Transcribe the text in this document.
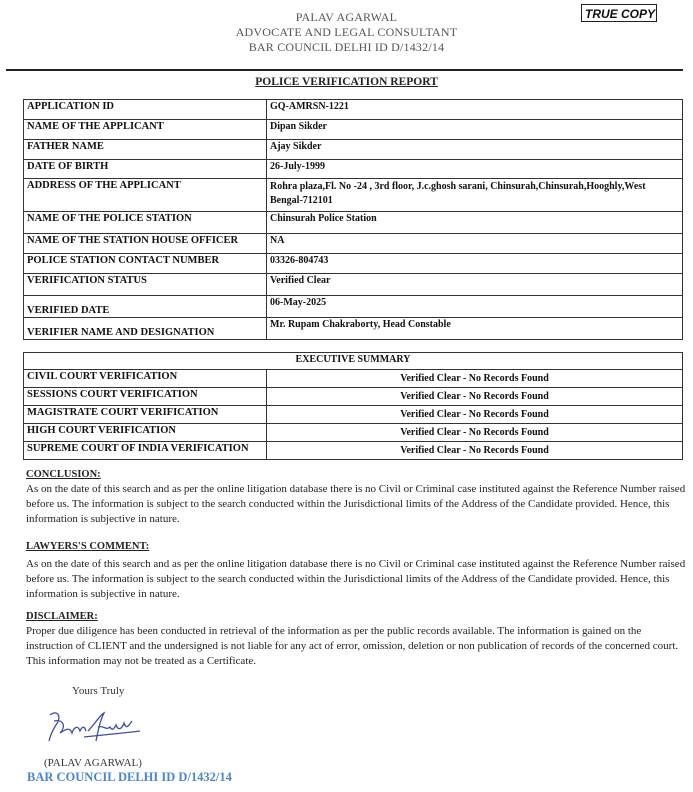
PALAV AGARWAL
ADVOCATE AND LEGAL CONSULTANT
BAR COUNCIL DELHI ID D/1432/14
TRUE COPY
POLICE VERIFICATION REPORT
APPLICATION ID	GQ-AMRSN-1221
NAME OF THE APPLICANT	Dipan Sikder
FATHER NAME	Ajay Sikder
DATE OF BIRTH	26-July-1999
ADDRESS OF THE APPLICANT	Rohra plaza,Fl. No -24 , 3rd floor, J.c.ghosh sarani, Chinsurah,Chinsurah,Hooghly,West Bengal-712101
NAME OF THE POLICE STATION	Chinsurah Police Station
NAME OF THE STATION HOUSE OFFICER	NA
POLICE STATION CONTACT NUMBER	03326-804743
VERIFICATION STATUS	Verified Clear
VERIFIED DATE	06-May-2025
VERIFIER NAME AND DESIGNATION	Mr. Rupam Chakraborty, Head Constable
EXECUTIVE SUMMARY	
CIVIL COURT VERIFICATION	Verified Clear - No Records Found
SESSIONS COURT VERIFICATION	Verified Clear - No Records Found
MAGISTRATE COURT VERIFICATION	Verified Clear - No Records Found
HIGH COURT VERIFICATION	Verified Clear - No Records Found
SUPREME COURT OF INDIA VERIFICATION	Verified Clear - No Records Found
CONCLUSION:
As on the date of this search and as per the online litigation database there is no Civil or Criminal case instituted against the Reference Number raised before us. The information is subject to the search conducted within the Jurisdictional limits of the Address of the Candidate provided. Hence, this information is subjective in nature.
LAWYERS'S COMMENT:
As on the date of this search and as per the online litigation database there is no Civil or Criminal case instituted against the Reference Number raised before us. The information is subject to the search conducted within the Jurisdictional limits of the Address of the Candidate provided. Hence, this information is subjective in nature.
DISCLAIMER:
Proper due diligence has been conducted in retrieval of the information as per the public records available. The information is gained on the instruction of CLIENT and the undersigned is not liable for any act of error, omission, deletion or non publication of records of the concerned court. This information may not be treated as a Certificate.
Yours Truly
(PALAV AGARWAL)
BAR COUNCIL DELHI ID D/1432/14
